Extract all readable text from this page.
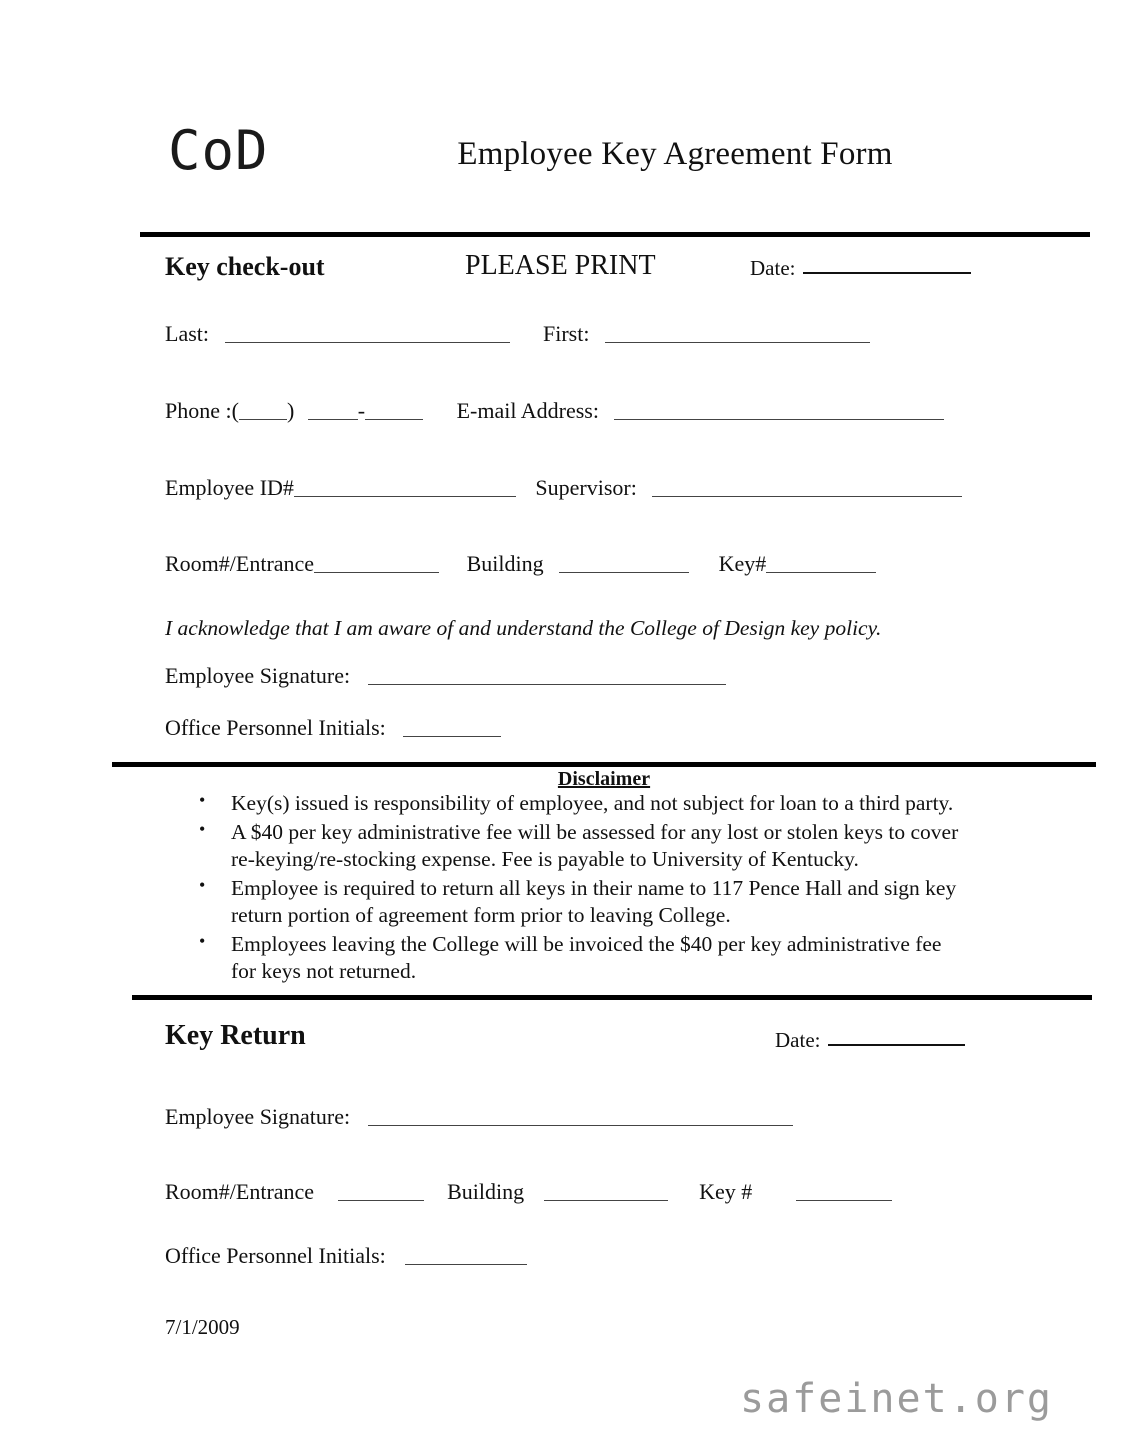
CoD	Employee Key Agreement Form
Key check-out	PLEASE PRINT	Date:
Last:	First:
Phone :( )	-	E-mail Address:
Employee ID#	Supervisor:
Room#/Entrance	Building	Key#
I acknowledge that I am aware of and understand the College of Design key policy.
Employee Signature:
Office Personnel Initials:
Disclaimer
• Key(s) issued is responsibility of employee, and not subject for loan to a third party.
• A $40 per key administrative fee will be assessed for any lost or stolen keys to cover re-keying/re-stocking expense. Fee is payable to University of Kentucky.
• Employee is required to return all keys in their name to 117 Pence Hall and sign key return portion of agreement form prior to leaving College.
• Employees leaving the College will be invoiced the $40 per key administrative fee for keys not returned.
Key Return	Date:
Employee Signature:
Room#/Entrance	Building	Key #
Office Personnel Initials:
7/1/2009
safeinet.org
